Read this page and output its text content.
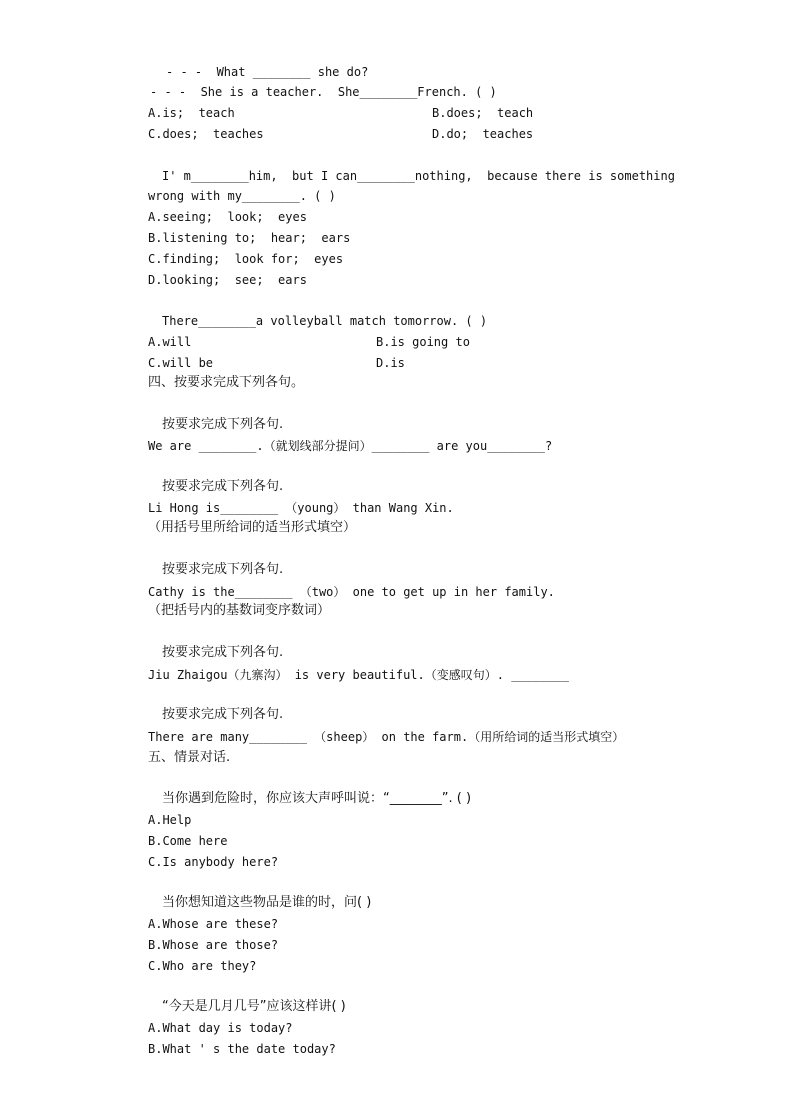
- - -  What ________ she do?
- - -  She is a teacher.  She________French. ( )
A.is;  teach	B.does;  teach
C.does;  teaches	D.do;  teaches
I' m________him,  but I can________nothing,  because there is something
wrong with my________. ( )
A.seeing;  look;  eyes
B.listening to;  hear;  ears
C.finding;  look for;  eyes
D.looking;  see;  ears
There________a volleyball match tomorrow. ( )
A.will	B.is going to
C.will be	D.is
四、按要求完成下列各句。
按要求完成下列各句.
We are ________.（就划线部分提问）________ are you________?
按要求完成下列各句.
Li Hong is________ （young） than Wang Xin.
（用括号里所给词的适当形式填空）
按要求完成下列各句.
Cathy is the________ （two） one to get up in her family.
（把括号内的基数词变序数词）
按要求完成下列各句.
Jiu Zhaigou（九寨沟） is very beautiful.（变感叹句）. ________
按要求完成下列各句.
There are many________ （sheep） on the farm.（用所给词的适当形式填空）
五、情景对话.
当你遇到危险时，你应该大声呼叫说：“________”. ( )
A.Help
B.Come here
C.Is anybody here?
当你想知道这些物品是谁的时，问( )
A.Whose are these?
B.Whose are those?
C.Who are they?
“今天是几月几号”应该这样讲( )
A.What day is today?
B.What ' s the date today?
